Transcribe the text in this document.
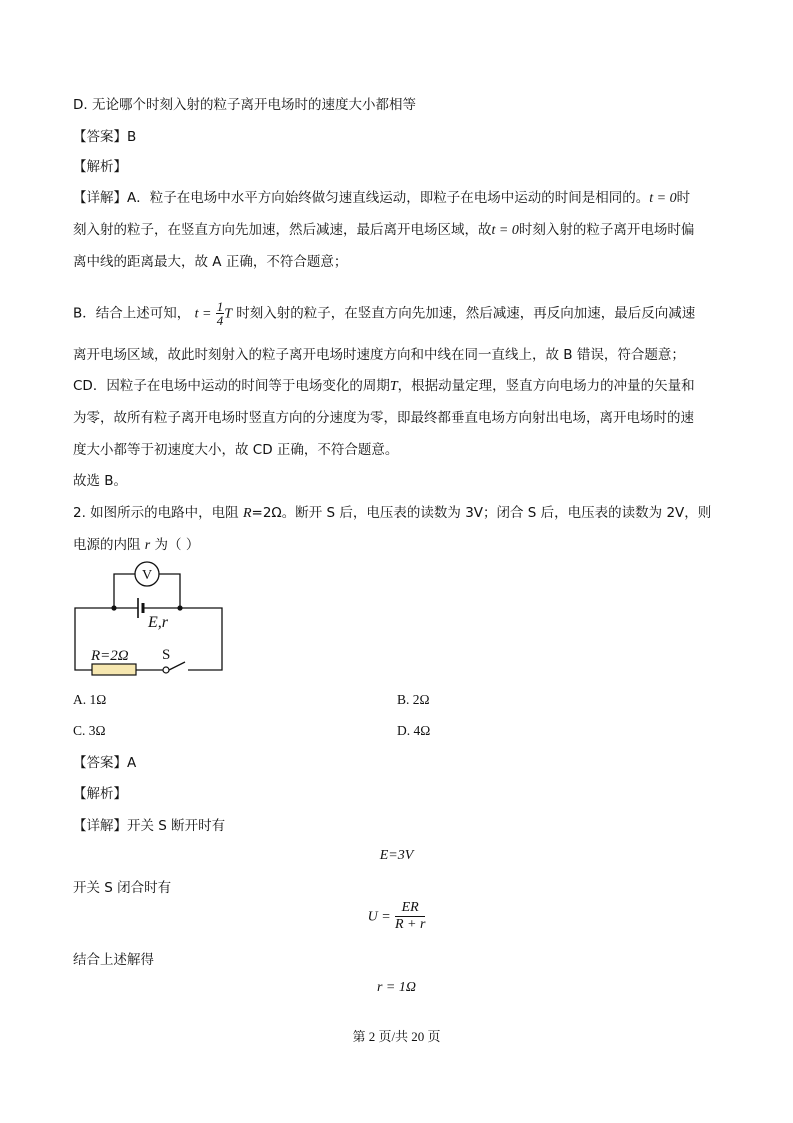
D. 无论哪个时刻入射的粒子离开电场时的速度大小都相等
【答案】B
【解析】
【详解】A．粒子在电场中水平方向始终做匀速直线运动，即粒子在电场中运动的时间是相同的。t = 0时
刻入射的粒子，在竖直方向先加速，然后减速，最后离开电场区域，故t = 0时刻入射的粒子离开电场时偏
离中线的距离最大，故 A 正确，不符合题意；
B．结合上述可知， $t = \frac{1}{4}$ T 时刻入射的粒子，在竖直方向先加速，然后减速，再反向加速，最后反向减速
离开电场区域，故此时刻射入的粒子离开电场时速度方向和中线在同一直线上，故 B 错误，符合题意；
CD．因粒子在电场中运动的时间等于电场变化的周期T，根据动量定理，竖直方向电场力的冲量的矢量和
为零，故所有粒子离开电场时竖直方向的分速度为零，即最终都垂直电场方向射出电场，离开电场时的速
度大小都等于初速度大小，故 CD 正确，不符合题意。
故选 B。
2. 如图所示的电路中，电阻 R=2Ω。断开 S 后，电压表的读数为 3V；闭合 S 后，电压表的读数为 2V，则
电源的内阻 r 为（ ）
V
E,r
R=2Ω S
A. 1Ω	B. 2Ω
C. 3Ω	D. 4Ω
【答案】A
【解析】
【详解】开关 S 断开时有
E=3V
开关 S 闭合时有
$U = \frac{ER}{R + r}$
结合上述解得
r = 1Ω
第 2 页/共 20 页
